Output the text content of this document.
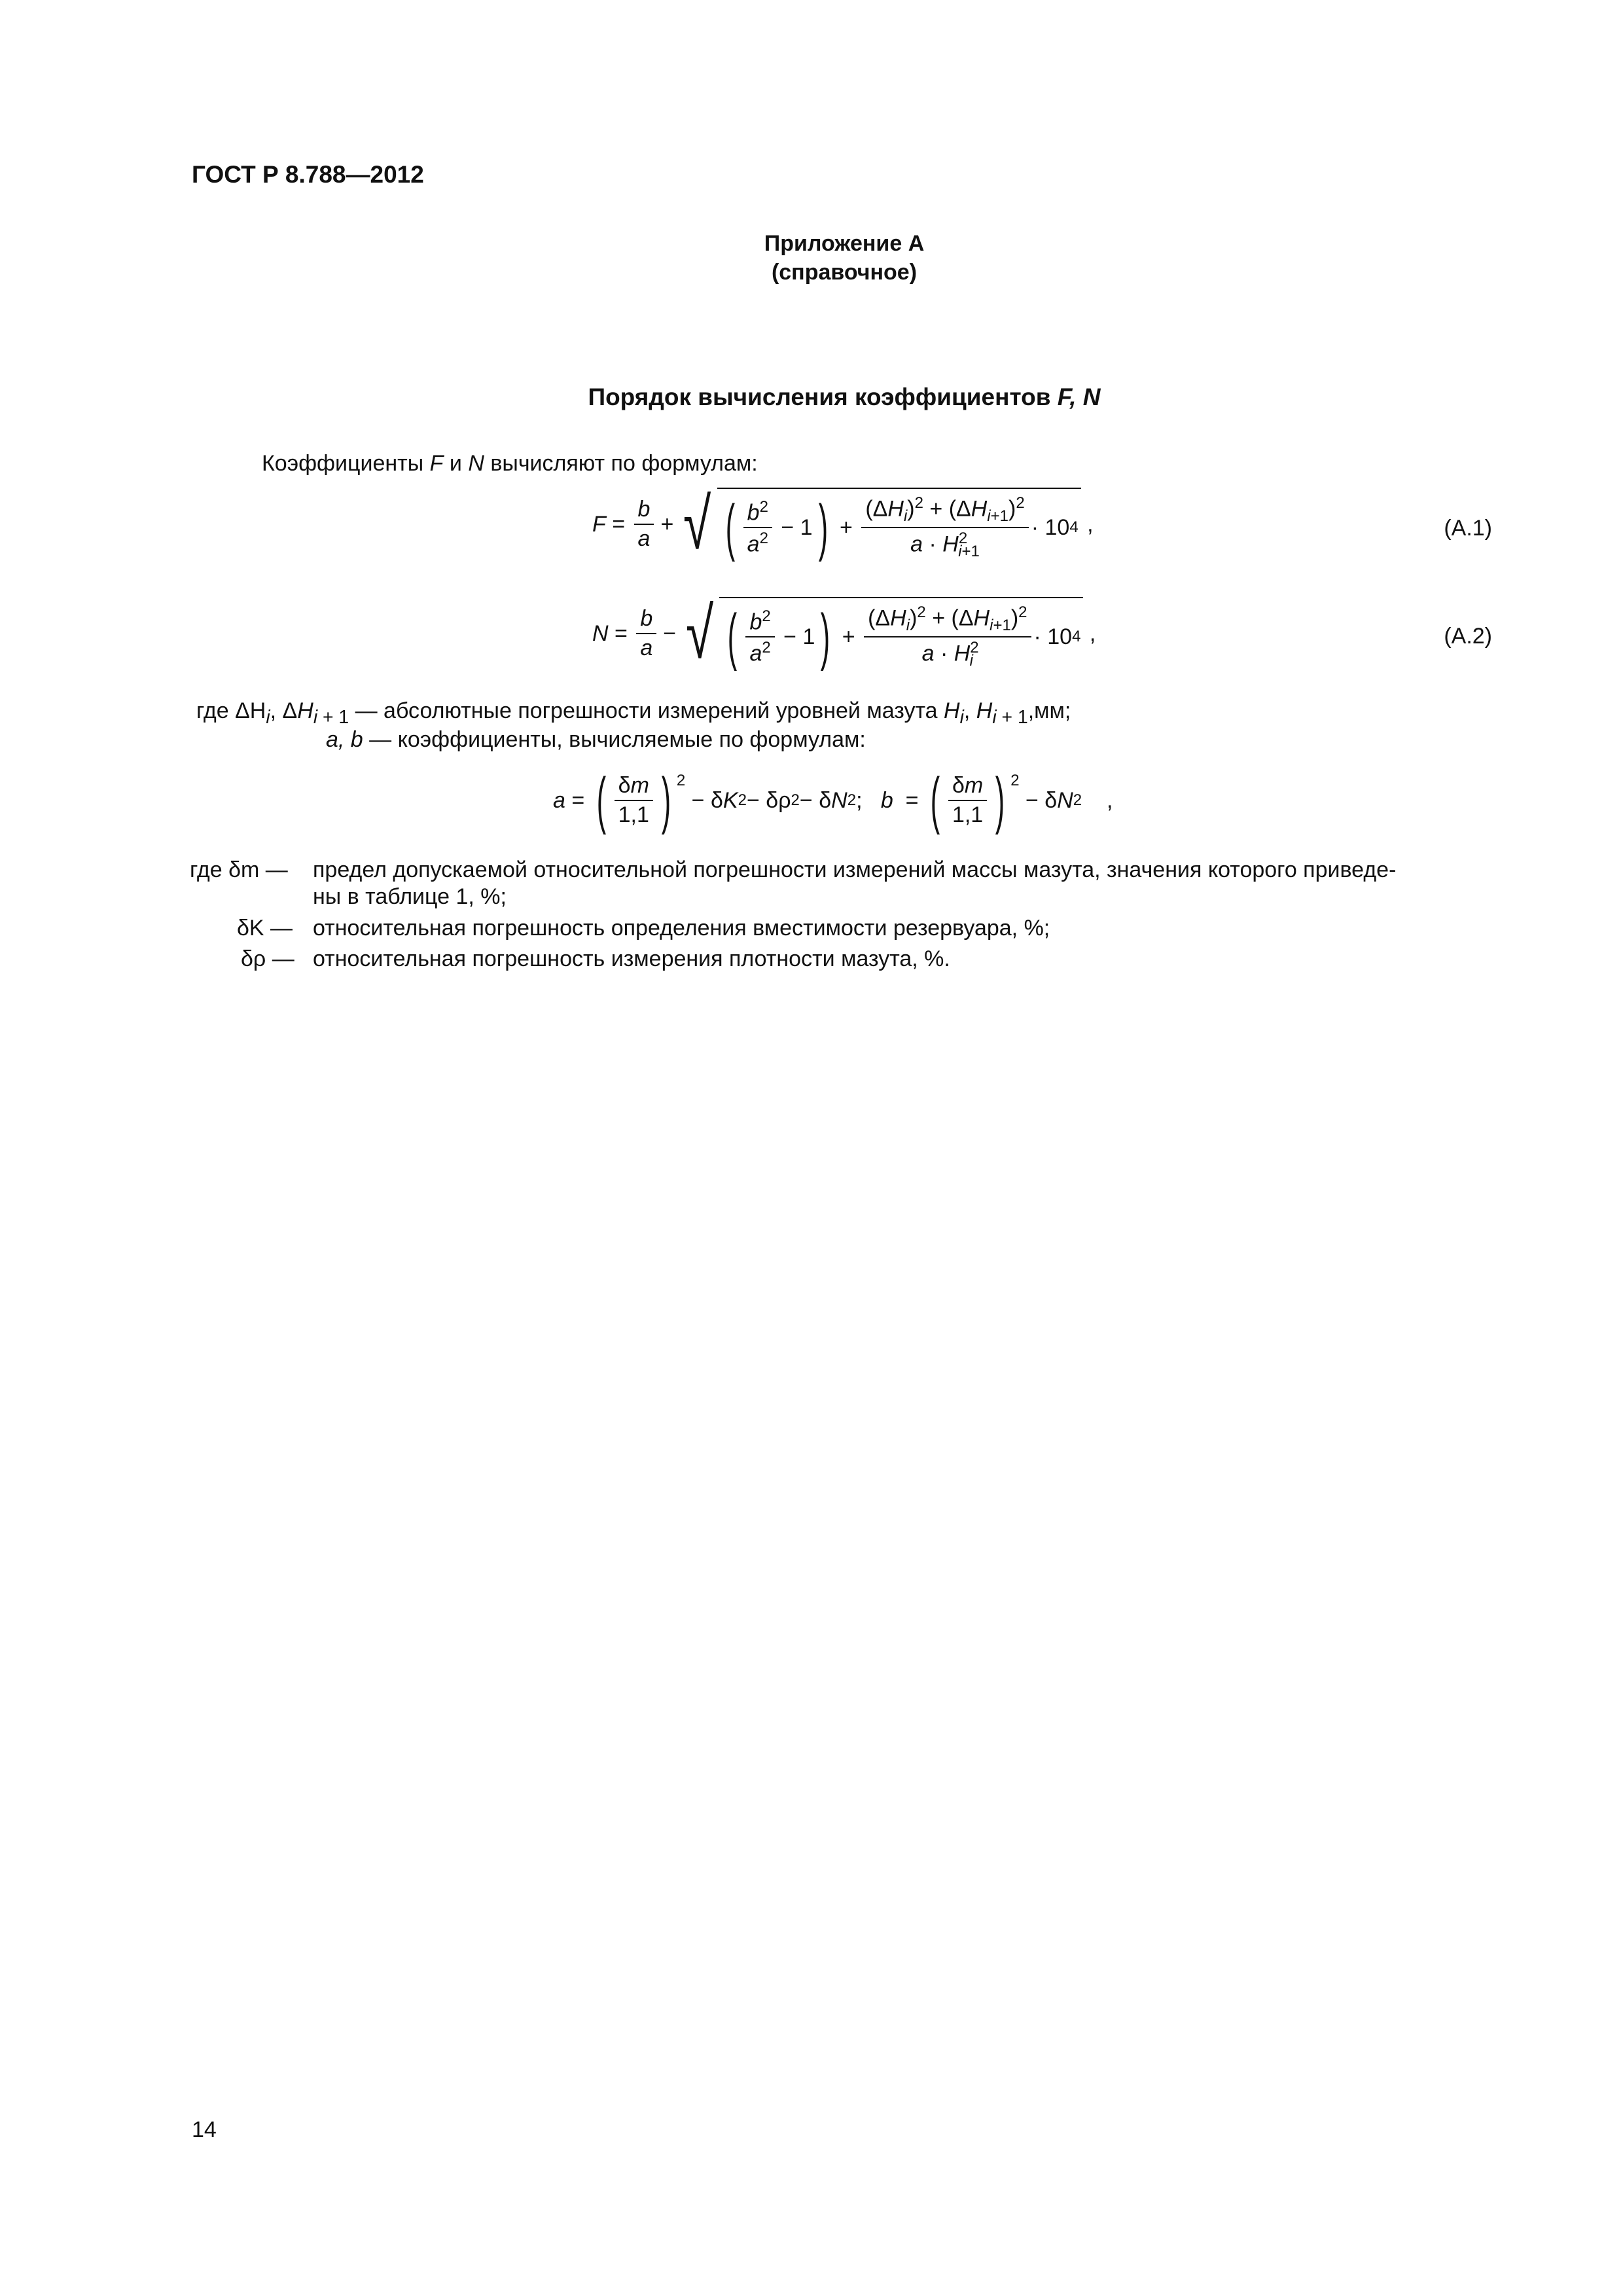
ГОСТ Р 8.788—2012
Приложение А
(справочное)
Порядок вычисления коэффициентов F, N
Коэффициенты F и N вычисляют по формулам:
$F = \frac{b}{a}$ + √ ( $\frac{b^2}{a^2} - 1$ ) + $\frac{(\Delta H_i)^2 + (\Delta H_{i+1})^2}{a \cdot H^2_{i+1}} \cdot 10$ 4 ,	(A.1)
$N = \frac{b}{a}$ − √ ( $\frac{b^2}{a^2} - 1$ ) + $\frac{(\Delta H_i)^2 + (\Delta H_{i+1})^2}{a \cdot H^2_i} \cdot 10$ 4 ,	(A.2)
где $\Delta H_i$, $\Delta H_{i + 1}$ — абсолютные погрешности измерений уровней мазута $H_i$, $H_{i + 1},мм$;
a, b — коэффициенты, вычисляемые по формулам:
a = ( $\frac{\delta m}{1,1}$ ) $^2$
− δ K 2 − δρ 2 − δ N 2 ; b = ( $\frac{\delta m}{1,1}$ ) $^2$
− δ N 2 ,
где δm — предел допускаемой относительной погрешности измерений массы мазута, значения которого приведе-
ны в таблице 1, %;
δK — относительная погрешность определения вместимости резервуара, %;
δρ — относительная погрешность измерения плотности мазута, %.
14
